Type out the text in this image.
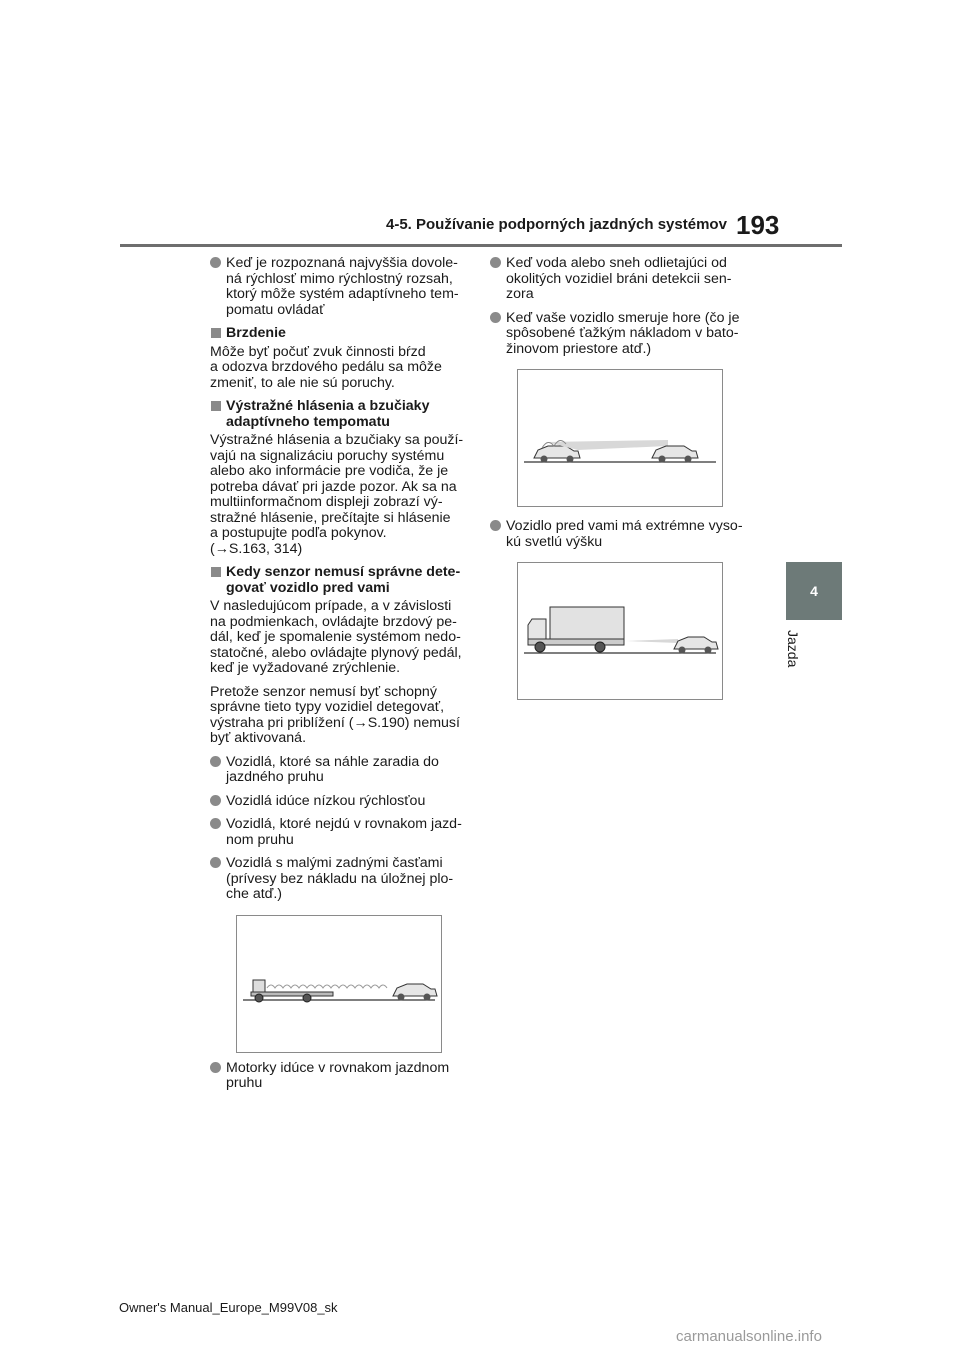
4-5. Používanie podporných jazdných systémov 193
4
Jazda
Keď je rozpoznaná najvyššia dovole-
ná rýchlosť mimo rýchlostný rozsah,
ktorý môže systém adaptívneho tem-
pomatu ovládať
Brzdenie
Môže byť počuť zvuk činnosti bŕzd
a odozva brzdového pedálu sa môže
zmeniť, to ale nie sú poruchy.
Výstražné hlásenia a bzučiaky
adaptívneho tempomatu
Výstražné hlásenia a bzučiaky sa použí-
vajú na signalizáciu poruchy systému
alebo ako informácie pre vodiča, že je
potreba dávať pri jazde pozor. Ak sa na
multiinformačnom displeji zobrazí vý-
stražné hlásenie, prečítajte si hlásenie
a postupujte podľa pokynov.
(→S.163, 314)
Kedy senzor nemusí správne dete-
govať vozidlo pred vami
V nasledujúcom prípade, a v závislosti
na podmienkach, ovládajte brzdový pe-
dál, keď je spomalenie systémom nedo-
statočné, alebo ovládajte plynový pedál,
keď je vyžadované zrýchlenie.
Pretože senzor nemusí byť schopný
správne tieto typy vozidiel detegovať,
výstraha pri priblížení (→S.190) nemusí
byť aktivovaná.
Vozidlá, ktoré sa náhle zaradia do
jazdného pruhu
Vozidlá idúce nízkou rýchlosťou
Vozidlá, ktoré nejdú v rovnakom jazd-
nom pruhu
Vozidlá s malými zadnými časťami
(prívesy bez nákladu na úložnej plo-
che atď.)
Motorky idúce v rovnakom jazdnom
pruhu
Keď voda alebo sneh odlietajúci od
okolitých vozidiel bráni detekcii sen-
zora
Keď vaše vozidlo smeruje hore (čo je
spôsobené ťažkým nákladom v bato-
žinovom priestore atď.)
Vozidlo pred vami má extrémne vyso-
kú svetlú výšku
Owner's Manual_Europe_M99V08_sk
carmanualsonline.info
